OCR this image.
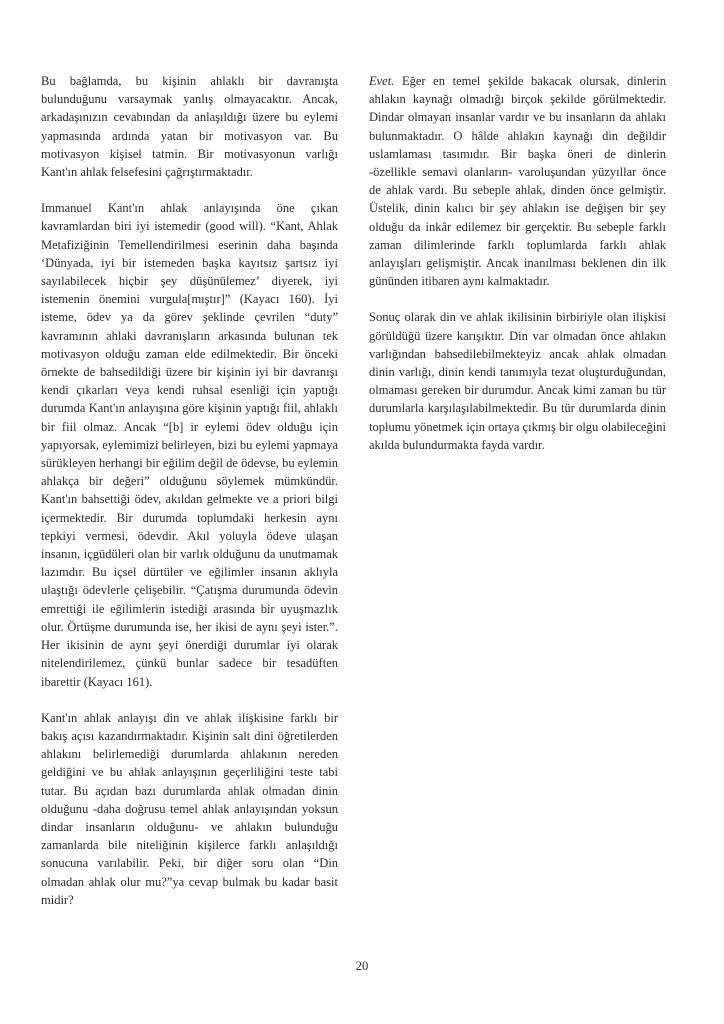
Bu bağlamda, bu kişinin ahlaklı bir davranışta bulunduğunu varsaymak yanlış olmayacaktır. Ancak, arkadaşınızın cevabından da anlaşıldığı üzere bu eylemi yapmasında ardında yatan bir motivasyon var. Bu motivasyon kişisel tatmin. Bir motivasyonun varlığı Kant'ın ahlak felsefesini çağrıştırmaktadır.

Immanuel Kant'ın ahlak anlayışında öne çıkan kavramlardan biri iyi istemedir (good will). “Kant, Ahlak Metafiziğinin Temellendirilmesi eserinin daha başında ‘Dünyada, iyi bir istemeden başka kayıtsız şartsız iyi sayılabilecek hiçbir şey düşünülemez’ diyerek, iyi istemenin önemini vurgula[mıştır]” (Kayacı 160). İyi isteme, ödev ya da görev şeklinde çevrilen “duty” kavramının ahlaki davranışların arkasında bulunan tek motivasyon olduğu zaman elde edilmektedir. Bir önceki örnekte de bahsedildiği üzere bir kişinin iyi bir davranışı kendi çıkarları veya kendi ruhsal esenliği için yaptığı durumda Kant'ın anlayışına göre kişinin yaptığı fiil, ahlaklı bir fiil olmaz. Ancak “[b] ir eylemi ödev olduğu için yapıyorsak, eylemimizi belirleyen, bizi bu eylemi yapmaya sürükleyen herhangi bir eğilim değil de ödevse, bu eylemin ahlakça bir değeri” olduğunu söylemek mümkündür. Kant'ın bahsettiği ödev, akıldan gelmekte ve a priori bilgi içermektedir. Bir durumda toplumdaki herkesin aynı tepkiyi vermesi, ödevdir. Akıl yoluyla ödeve ulaşan insanın, içgüdüleri olan bir varlık olduğunu da unutmamak lazımdır. Bu içsel dürtüler ve eğilimler insanın aklıyla ulaştığı ödevlerle çelişebilir. “Çatışma durumunda ödevin emrettiği ile eğilimlerin istediği arasında bir uyuşmazlık olur. Örtüşme durumunda ise, her ikisi de aynı şeyi ister.”. Her ikisinin de aynı şeyi önerdiği durumlar iyi olarak nitelendirilemez, çünkü bunlar sadece bir tesadüften ibarettir (Kayacı 161).

Kant'ın ahlak anlayışı din ve ahlak ilişkisine farklı bir bakış açısı kazandırmaktadır. Kişinin salt dini öğretilerden ahlakını belirlemediği durumlarda ahlakının nereden geldiğini ve bu ahlak anlayışının geçerliliğini teste tabi tutar. Bu açıdan bazı durumlarda ahlak olmadan dinin olduğunu -daha doğrusu temel ahlak anlayışından yoksun dindar insanların olduğunu- ve ahlakın bulunduğu zamanlarda bile niteliğinin kişilerce farklı anlaşıldığı sonucuna varılabilir. Peki, bir diğer soru olan “Din olmadan ahlak olur mu?”ya cevap bulmak bu kadar basit midir?

Evet. Eğer en temel şekilde bakacak olursak, dinlerin ahlakın kaynağı olmadığı birçok şekilde görülmektedir. Dindar olmayan insanlar vardır ve bu insanların da ahlakı bulunmaktadır. O hâlde ahlakın kaynağı din değildir uslamlaması tasımıdır. Bir başka öneri de dinlerin -özellikle semavi olanların- varoluşundan yüzyıllar önce de ahlak vardı. Bu sebeple ahlak, dinden önce gelmiştir. Üstelik, dinin kalıcı bir şey ahlakın ise değişen bir şey olduğu da inkâr edilemez bir gerçektir. Bu sebeple farklı zaman dilimlerinde farklı toplumlarda farklı ahlak anlayışları gelişmiştir. Ancak inanılması beklenen din ilk gününden itibaren aynı kalmaktadır.

Sonuç olarak din ve ahlak ikilisinin birbiriyle olan ilişkisi görüldüğü üzere karışıktır. Din var olmadan önce ahlakın varlığından bahsedilebilmekteyiz ancak ahlak olmadan dinin varlığı, dinin kendi tanımıyla tezat oluşturduğundan, olmaması gereken bir durumdur. Ancak kimi zaman bu tür durumlarla karşılaşılabilmektedir. Bu tür durumlarda dinin toplumu yönetmek için ortaya çıkmış bir olgu olabileceğini akılda bulundurmakta fayda vardır.

20
